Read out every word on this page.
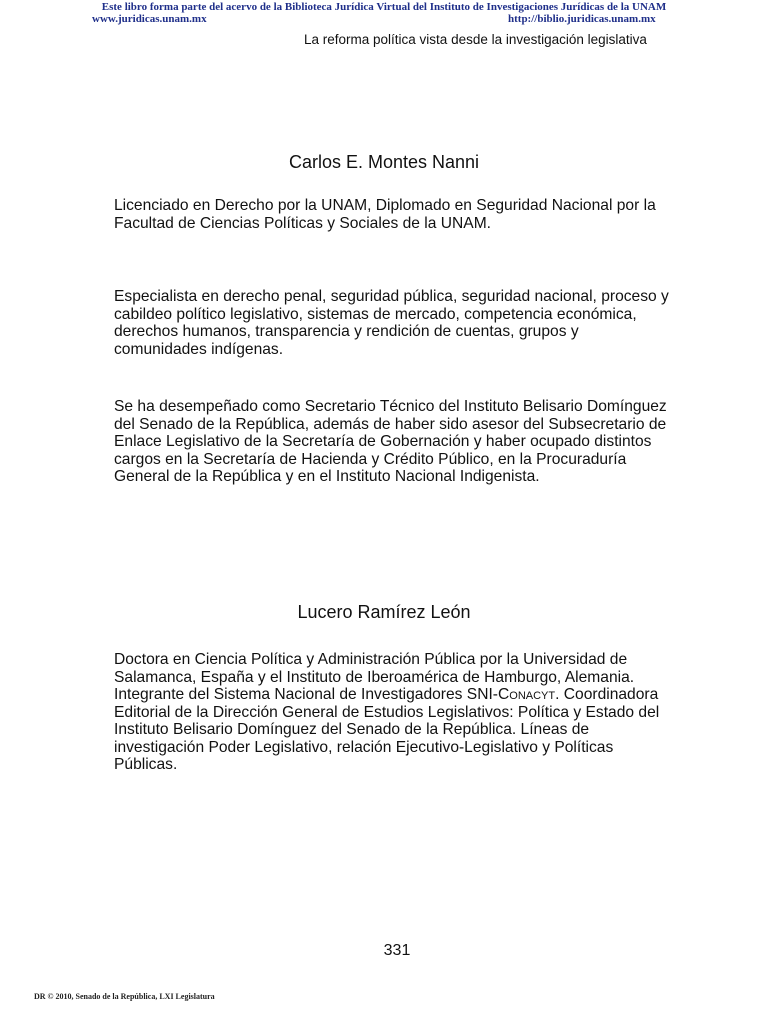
Este libro forma parte del acervo de la Biblioteca Jurídica Virtual del Instituto de Investigaciones Jurídicas de la UNAM
www.juridicas.unam.mx	http://biblio.juridicas.unam.mx
La reforma política vista desde la investigación legislativa
Carlos E. Montes Nanni

Licenciado en Derecho por la UNAM, Diplomado en Seguridad Nacional por la Facultad de Ciencias Políticas y Sociales de la UNAM.

Especialista en derecho penal, seguridad pública, seguridad nacional, proceso y cabildeo político legislativo, sistemas de mercado, competencia económica, derechos humanos, transparencia y rendición de cuentas, grupos y comunidades indígenas.

Se ha desempeñado como Secretario Técnico del Instituto Belisario Domínguez del Senado de la República, además de haber sido asesor del Subsecretario de Enlace Legislativo de la Secretaría de Gobernación y haber ocupado distintos cargos en la Secretaría de Hacienda y Crédito Público, en la Procuraduría General de la República y en el Instituto Nacional Indigenista.

Lucero Ramírez León

Doctora en Ciencia Política y Administración Pública por la Universidad de Salamanca, España y el Instituto de Iberoamérica de Hamburgo, Alemania. Integrante del Sistema Nacional de Investigadores SNI-Conacyt. Coordinadora Editorial de la Dirección General de Estudios Legislativos: Política y Estado del Instituto Belisario Domínguez del Senado de la República. Líneas de investigación Poder Legislativo, relación Ejecutivo-Legislativo y Políticas Públicas.

331
DR © 2010, Senado de la República, LXI Legislatura
